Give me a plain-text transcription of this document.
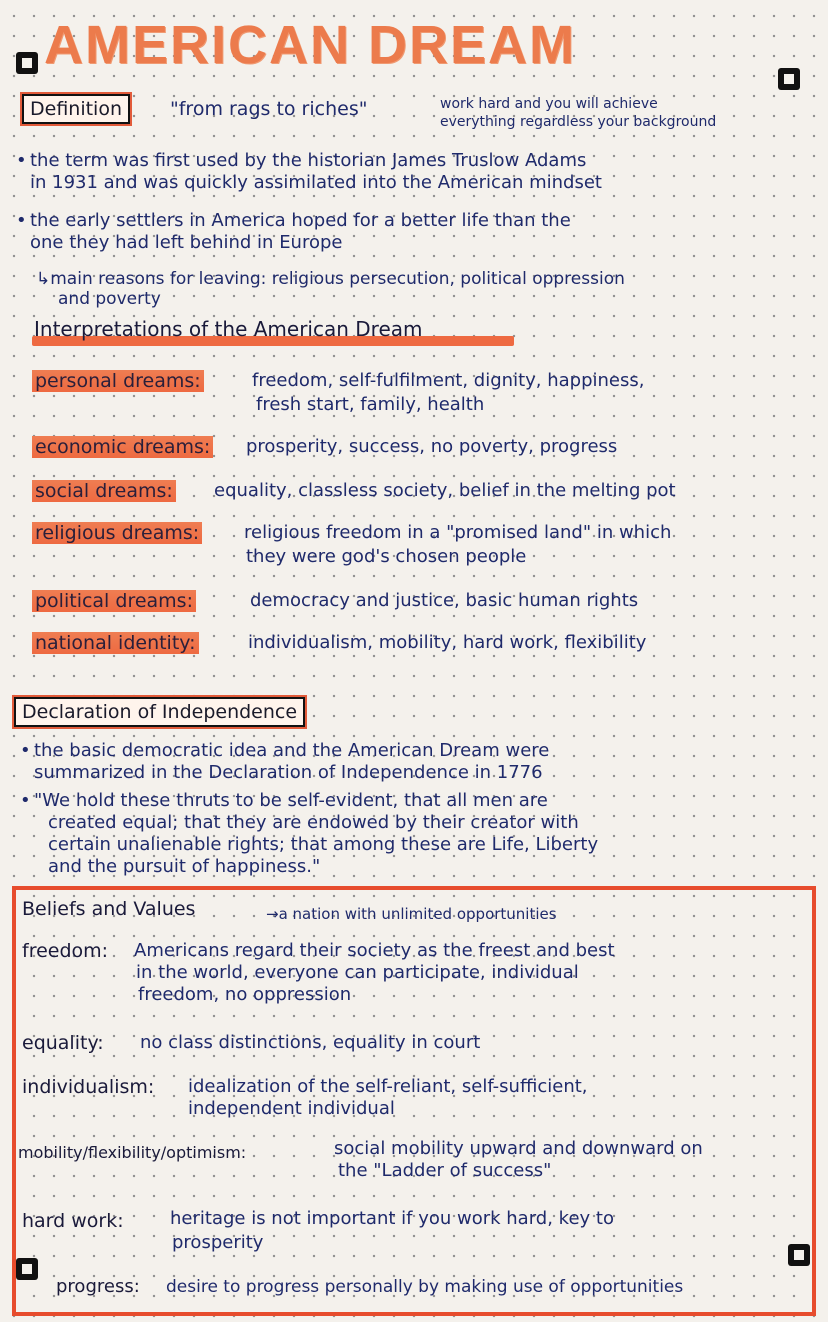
AMERICAN DREAM
Definition	"from rags to riches"	work hard and you will achieve
everything regardless your background
• the term was first used by the historian James Truslow Adams
in 1931 and was quickly assimilated into the American mindset
• the early settlers in America hoped for a better life than the
one they had left behind in Europe
↳main reasons for leaving: religious persecution, political oppression
and poverty
Interpretations of the American Dream
personal dreams:	freedom, self-fulfilment, dignity, happiness,
fresh start, family, health
economic dreams: prosperity, success, no poverty, progress
social dreams: equality, classless society, belief in the melting pot
religious dreams: religious freedom in a "promised land" in which
they were god's chosen people
political dreams:	democracy and justice, basic human rights
national identity:	individualism, mobility, hard work, flexibility
Declaration of Independence
• the basic democratic idea and the American Dream were
summarized in the Declaration of Independence in 1776
• "We hold these thruts to be self-evident, that all men are
created equal; that they are endowed by their creator with
certain unalienable rights; that among these are Life, Liberty
and the pursuit of happiness."
Beliefs and Values	→a nation with unlimited opportunities
freedom: Americans regard their society as the freest and best
in the world, everyone can participate, individual
freedom, no oppression
equality: no class distinctions, equality in court
individualism: idealization of the self-reliant, self-sufficient,
independent individual
mobility/flexibility/optimism:	social mobility upward and downward on
the "Ladder of success"
hard work:	heritage is not important if you work hard, key to
prosperity
progress: desire to progress personally by making use of opportunities
